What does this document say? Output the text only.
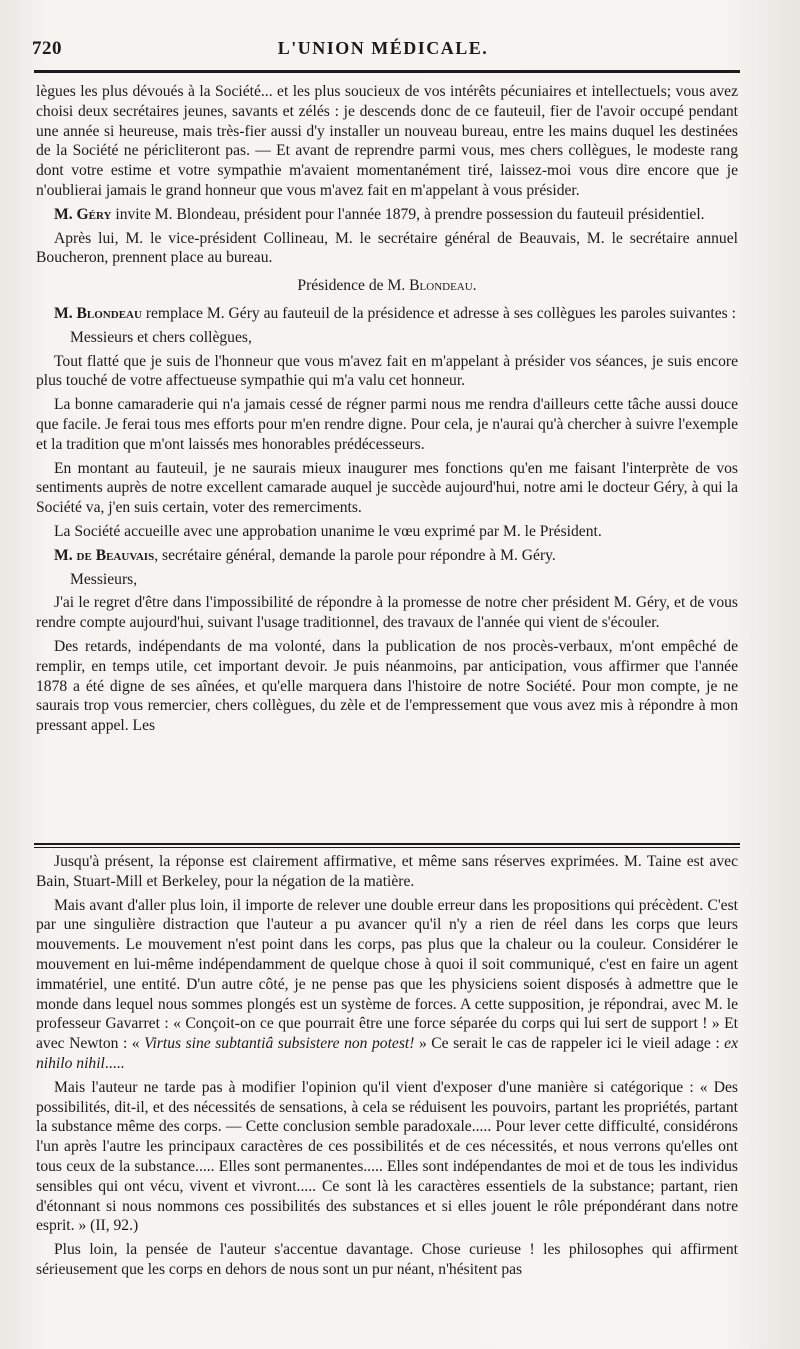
720	L'UNION MÉDICALE.

lègues les plus dévoués à la Société... et les plus soucieux de vos intérêts pécuniaires et intellectuels; vous avez choisi deux secrétaires jeunes, savants et zélés : je descends donc de ce fauteuil, fier de l'avoir occupé pendant une année si heureuse, mais très-fier aussi d'y installer un nouveau bureau, entre les mains duquel les destinées de la Société ne péricliteront pas. — Et avant de reprendre parmi vous, mes chers collègues, le modeste rang dont votre estime et votre sympathie m'avaient momentanément tiré, laissez-moi vous dire encore que je n'oublierai jamais le grand honneur que vous m'avez fait en m'appelant à vous présider.

M. Géry invite M. Blondeau, président pour l'année 1879, à prendre possession du fauteuil présidentiel.

Après lui, M. le vice-président Collineau, M. le secrétaire général de Beauvais, M. le secrétaire annuel Boucheron, prennent place au bureau.

Présidence de M. Blondeau.

M. Blondeau remplace M. Géry au fauteuil de la présidence et adresse à ses collègues les paroles suivantes :

Messieurs et chers collègues,

Tout flatté que je suis de l'honneur que vous m'avez fait en m'appelant à présider vos séances, je suis encore plus touché de votre affectueuse sympathie qui m'a valu cet honneur.

La bonne camaraderie qui n'a jamais cessé de régner parmi nous me rendra d'ailleurs cette tâche aussi douce que facile. Je ferai tous mes efforts pour m'en rendre digne. Pour cela, je n'aurai qu'à chercher à suivre l'exemple et la tradition que m'ont laissés mes honorables prédécesseurs.

En montant au fauteuil, je ne saurais mieux inaugurer mes fonctions qu'en me faisant l'interprète de vos sentiments auprès de notre excellent camarade auquel je succède aujourd'hui, notre ami le docteur Géry, à qui la Société va, j'en suis certain, voter des remerciments.

La Société accueille avec une approbation unanime le vœu exprimé par M. le Président.

M. de Beauvais, secrétaire général, demande la parole pour répondre à M. Géry.

Messieurs,

J'ai le regret d'être dans l'impossibilité de répondre à la promesse de notre cher président M. Géry, et de vous rendre compte aujourd'hui, suivant l'usage traditionnel, des travaux de l'année qui vient de s'écouler.

Des retards, indépendants de ma volonté, dans la publication de nos procès-verbaux, m'ont empêché de remplir, en temps utile, cet important devoir. Je puis néanmoins, par anticipation, vous affirmer que l'année 1878 a été digne de ses aînées, et qu'elle marquera dans l'histoire de notre Société. Pour mon compte, je ne saurais trop vous remercier, chers collègues, du zèle et de l'empressement que vous avez mis à répondre à mon pressant appel. Les

Jusqu'à présent, la réponse est clairement affirmative, et même sans réserves exprimées. M. Taine est avec Bain, Stuart-Mill et Berkeley, pour la négation de la matière.

Mais avant d'aller plus loin, il importe de relever une double erreur dans les propositions qui précèdent. C'est par une singulière distraction que l'auteur a pu avancer qu'il n'y a rien de réel dans les corps que leurs mouvements. Le mouvement n'est point dans les corps, pas plus que la chaleur ou la couleur. Considérer le mouvement en lui-même indépendamment de quelque chose à quoi il soit communiqué, c'est en faire un agent immatériel, une entité. D'un autre côté, je ne pense pas que les physiciens soient disposés à admettre que le monde dans lequel nous sommes plongés est un système de forces. A cette supposition, je répondrai, avec M. le professeur Gavarret : « Conçoit-on ce que pourrait être une force séparée du corps qui lui sert de support ! » Et avec Newton : « Virtus sine subtantiâ subsistere non potest! » Ce serait le cas de rappeler ici le vieil adage : ex nihilo nihil.....

Mais l'auteur ne tarde pas à modifier l'opinion qu'il vient d'exposer d'une manière si catégorique : « Des possibilités, dit-il, et des nécessités de sensations, à cela se réduisent les pouvoirs, partant les propriétés, partant la substance même des corps. — Cette conclusion semble paradoxale..... Pour lever cette difficulté, considérons l'un après l'autre les principaux caractères de ces possibilités et de ces nécessités, et nous verrons qu'elles ont tous ceux de la substance..... Elles sont permanentes..... Elles sont indépendantes de moi et de tous les individus sensibles qui ont vécu, vivent et vivront..... Ce sont là les caractères essentiels de la substance; partant, rien d'étonnant si nous nommons ces possibilités des substances et si elles jouent le rôle prépondérant dans notre esprit. » (II, 92.)

Plus loin, la pensée de l'auteur s'accentue davantage. Chose curieuse ! les philosophes qui affirment sérieusement que les corps en dehors de nous sont un pur néant, n'hésitent pas
